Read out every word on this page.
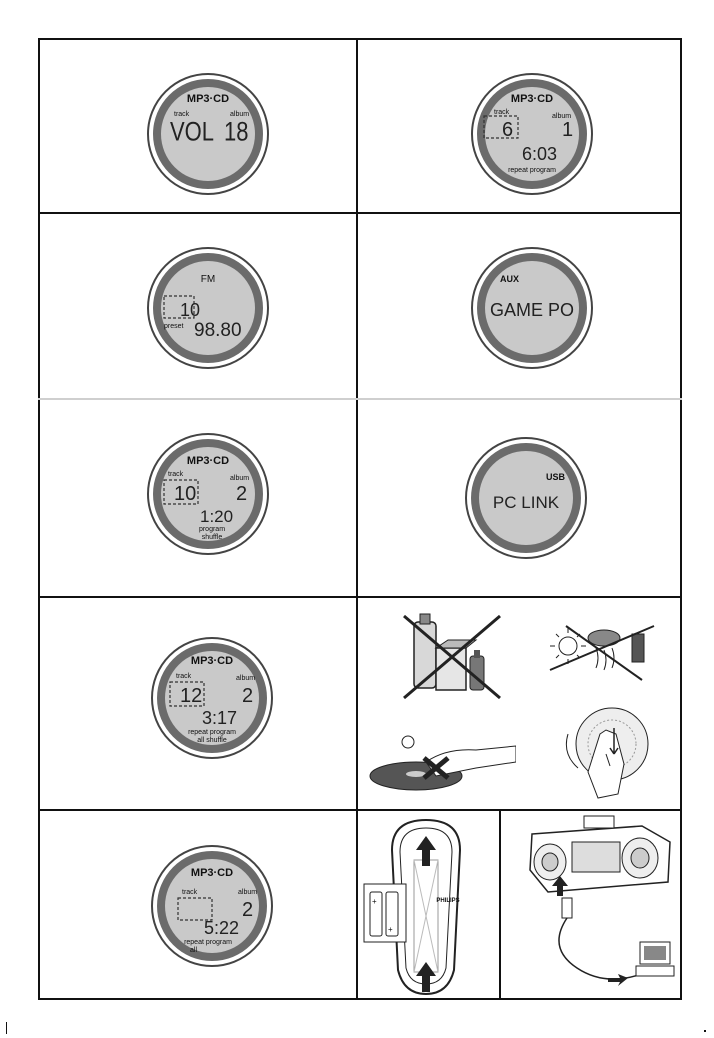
MP3·CD
track	album
VOL 18
MP3·CD
track
album
6 1
6:03
repeat program
FM
10
preset 98.80
AUX
GAME PO
MP3·CD
track
album
10 2
1:20
program
shuffle
USB
PC LINK
MP3·CD
track	album
12 2
3:17
repeat program
all shuffle
MP3·CD
track	album
2
5:22
repeat program
all
+
+
PHILIPS
